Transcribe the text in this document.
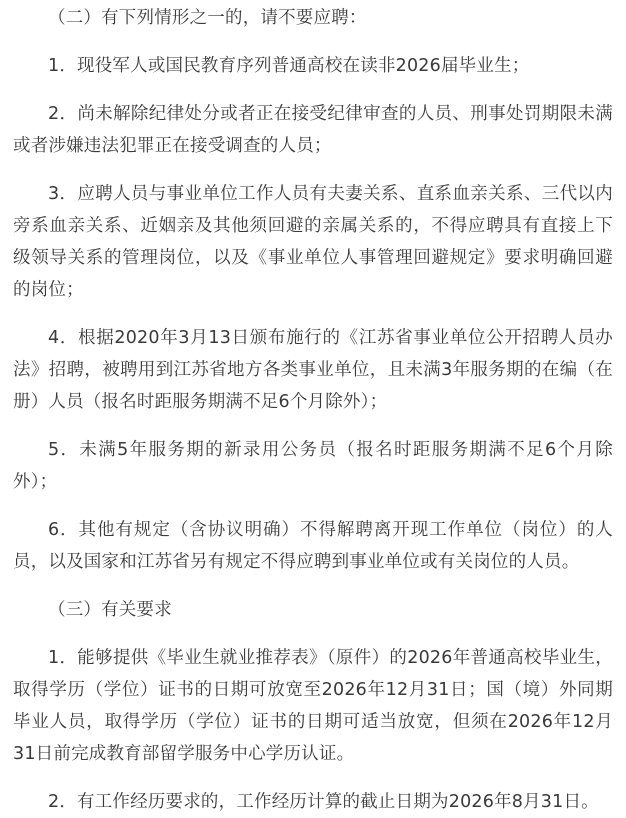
（二）有下列情形之一的，请不要应聘：

1．现役军人或国民教育序列普通高校在读非2026届毕业生；

2．尚未解除纪律处分或者正在接受纪律审查的人员、刑事处罚期限未满或者涉嫌违法犯罪正在接受调查的人员；

3．应聘人员与事业单位工作人员有夫妻关系、直系血亲关系、三代以内旁系血亲关系、近姻亲及其他须回避的亲属关系的，不得应聘具有直接上下级领导关系的管理岗位，以及《事业单位人事管理回避规定》要求明确回避的岗位；

4．根据2020年3月13日颁布施行的《江苏省事业单位公开招聘人员办法》招聘，被聘用到江苏省地方各类事业单位，且未满3年服务期的在编（在册）人员（报名时距服务期满不足6个月除外）；

5．未满5年服务期的新录用公务员（报名时距服务期满不足6个月除外）；

6．其他有规定（含协议明确）不得解聘离开现工作单位（岗位）的人员，以及国家和江苏省另有规定不得应聘到事业单位或有关岗位的人员。

（三）有关要求

1．能够提供《毕业生就业推荐表》（原件）的2026年普通高校毕业生，取得学历（学位）证书的日期可放宽至2026年12月31日；国（境）外同期毕业人员，取得学历（学位）证书的日期可适当放宽，但须在2026年12月31日前完成教育部留学服务中心学历认证。

2．有工作经历要求的，工作经历计算的截止日期为2026年8月31日。
